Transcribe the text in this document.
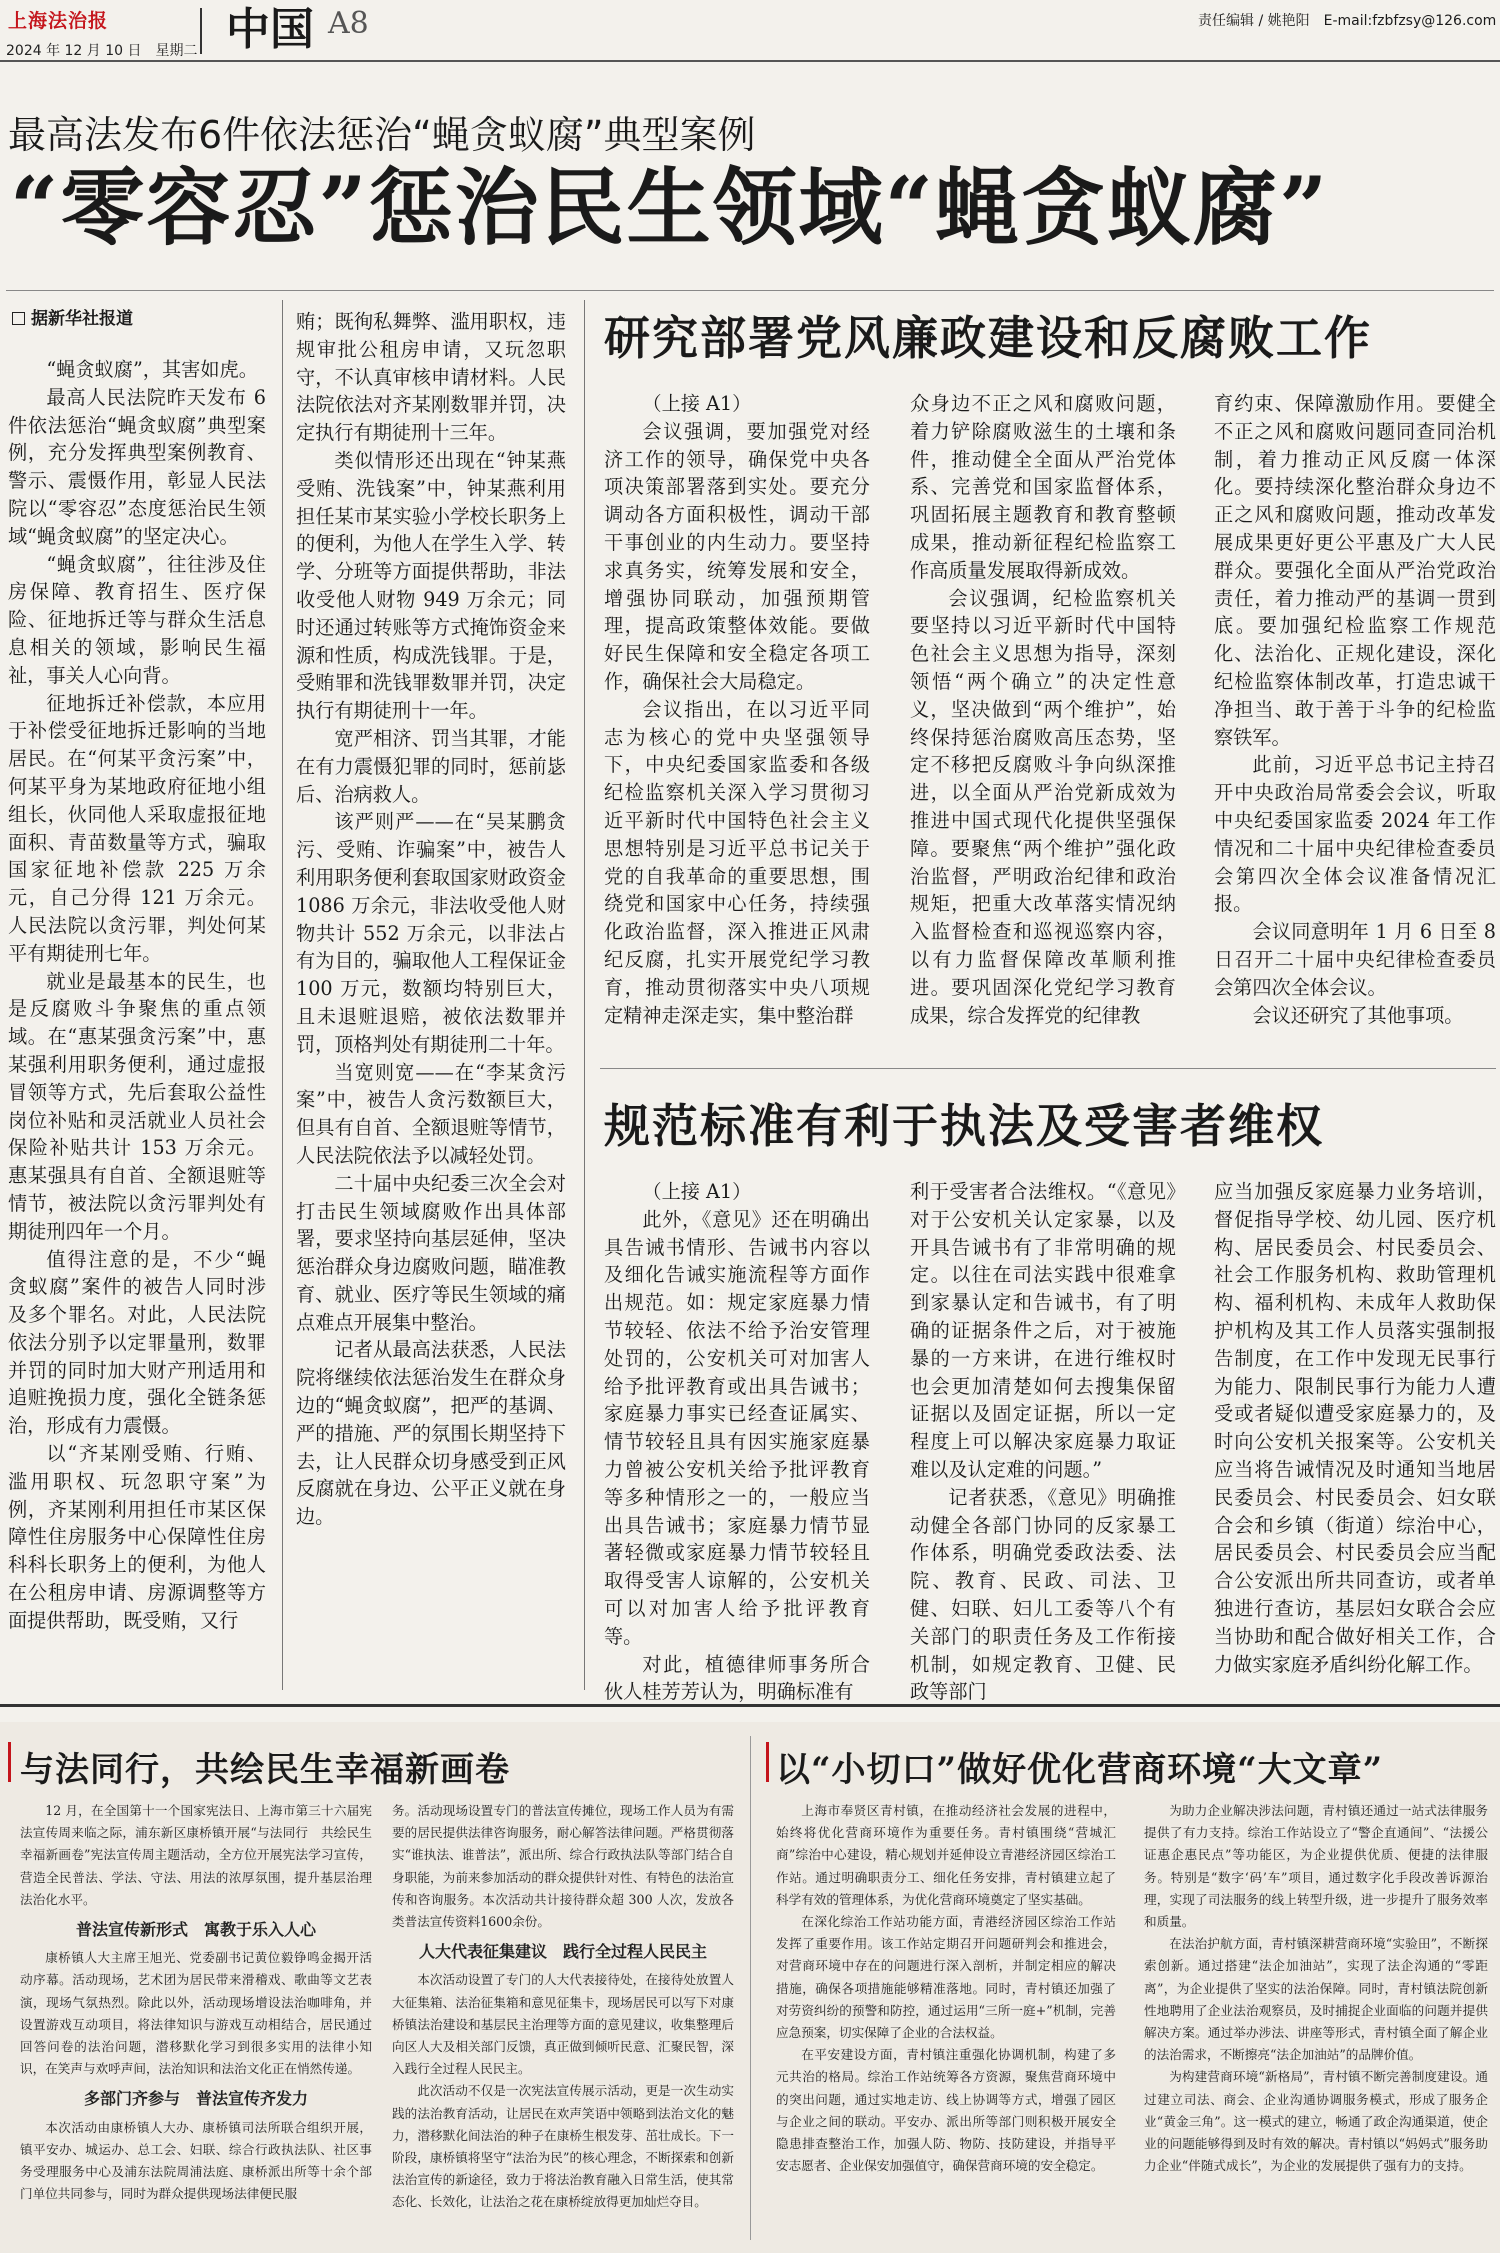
上海法治报
2024 年 12 月 10 日　星期二 中国 A8	责任编辑 / 姚艳阳　E-mail:fzbfzsy@126.com
最高法发布6件依法惩治“蝇贪蚁腐”典型案例
“零容忍”惩治民生领域“蝇贪蚁腐”
据新华社报道

“蝇贪蚁腐”，其害如虎。

最高人民法院昨天发布 6 件依法惩治“蝇贪蚁腐”典型案例，充分发挥典型案例教育、警示、震慑作用，彰显人民法院以“零容忍”态度惩治民生领域“蝇贪蚁腐”的坚定决心。

“蝇贪蚁腐”，往往涉及住房保障、教育招生、医疗保险、征地拆迁等与群众生活息息相关的领域，影响民生福祉，事关人心向背。

征地拆迁补偿款，本应用于补偿受征地拆迁影响的当地居民。在“何某平贪污案”中，何某平身为某地政府征地小组组长，伙同他人采取虚报征地面积、青苗数量等方式，骗取国家征地补偿款 225 万余元，自己分得 121 万余元。人民法院以贪污罪，判处何某平有期徒刑七年。

就业是最基本的民生，也是反腐败斗争聚焦的重点领域。在“惠某强贪污案”中，惠某强利用职务便利，通过虚报冒领等方式，先后套取公益性岗位补贴和灵活就业人员社会保险补贴共计 153 万余元。惠某强具有自首、全额退赃等情节，被法院以贪污罪判处有期徒刑四年一个月。

值得注意的是，不少“蝇贪蚁腐”案件的被告人同时涉及多个罪名。对此，人民法院依法分别予以定罪量刑，数罪并罚的同时加大财产刑适用和追赃挽损力度，强化全链条惩治，形成有力震慑。

以“齐某刚受贿、行贿、滥用职权、玩忽职守案”为例，齐某刚利用担任市某区保障性住房服务中心保障性住房科科长职务上的便利，为他人在公租房申请、房源调整等方面提供帮助，既受贿，又行

贿；既徇私舞弊、滥用职权，违规审批公租房申请，又玩忽职守，不认真审核申请材料。人民法院依法对齐某刚数罪并罚，决定执行有期徒刑十三年。

类似情形还出现在“钟某燕受贿、洗钱案”中，钟某燕利用担任某市某实验小学校长职务上的便利，为他人在学生入学、转学、分班等方面提供帮助，非法收受他人财物 949 万余元；同时还通过转账等方式掩饰资金来源和性质，构成洗钱罪。于是，受贿罪和洗钱罪数罪并罚，决定执行有期徒刑十一年。

宽严相济、罚当其罪，才能在有力震慑犯罪的同时，惩前毖后、治病救人。

该严则严——在“吴某鹏贪污、受贿、诈骗案”中，被告人利用职务便利套取国家财政资金 1086 万余元，非法收受他人财物共计 552 万余元，以非法占有为目的，骗取他人工程保证金 100 万元，数额均特别巨大，且未退赃退赔，被依法数罪并罚，顶格判处有期徒刑二十年。

当宽则宽——在“李某贪污案”中，被告人贪污数额巨大，但具有自首、全额退赃等情节，人民法院依法予以减轻处罚。

二十届中央纪委三次全会对打击民生领域腐败作出具体部署，要求坚持向基层延伸，坚决惩治群众身边腐败问题，瞄准教育、就业、医疗等民生领域的痛点难点开展集中整治。

记者从最高法获悉，人民法院将继续依法惩治发生在群众身边的“蝇贪蚁腐”，把严的基调、严的措施、严的氛围长期坚持下去，让人民群众切身感受到正风反腐就在身边、公平正义就在身边。

研究部署党风廉政建设和反腐败工作

（上接 A1）

会议强调，要加强党对经济工作的领导，确保党中央各项决策部署落到实处。要充分调动各方面积极性，调动干部干事创业的内生动力。要坚持求真务实，统筹发展和安全，增强协同联动，加强预期管理，提高政策整体效能。要做好民生保障和安全稳定各项工作，确保社会大局稳定。

会议指出，在以习近平同志为核心的党中央坚强领导下，中央纪委国家监委和各级纪检监察机关深入学习贯彻习近平新时代中国特色社会主义思想特别是习近平总书记关于党的自我革命的重要思想，围绕党和国家中心任务，持续强化政治监督，深入推进正风肃纪反腐，扎实开展党纪学习教育，推动贯彻落实中央八项规定精神走深走实，集中整治群

众身边不正之风和腐败问题，着力铲除腐败滋生的土壤和条件，推动健全全面从严治党体系、完善党和国家监督体系，巩固拓展主题教育和教育整顿成果，推动新征程纪检监察工作高质量发展取得新成效。

会议强调，纪检监察机关要坚持以习近平新时代中国特色社会主义思想为指导，深刻领悟“两个确立”的决定性意义，坚决做到“两个维护”，始终保持惩治腐败高压态势，坚定不移把反腐败斗争向纵深推进，以全面从严治党新成效为推进中国式现代化提供坚强保障。要聚焦“两个维护”强化政治监督，严明政治纪律和政治规矩，把重大改革落实情况纳入监督检查和巡视巡察内容，以有力监督保障改革顺利推进。要巩固深化党纪学习教育成果，综合发挥党的纪律教

育约束、保障激励作用。要健全不正之风和腐败问题同查同治机制，着力推动正风反腐一体深化。要持续深化整治群众身边不正之风和腐败问题，推动改革发展成果更好更公平惠及广大人民群众。要强化全面从严治党政治责任，着力推动严的基调一贯到底。要加强纪检监察工作规范化、法治化、正规化建设，深化纪检监察体制改革，打造忠诚干净担当、敢于善于斗争的纪检监察铁军。

此前，习近平总书记主持召开中央政治局常委会会议，听取中央纪委国家监委 2024 年工作情况和二十届中央纪律检查委员会第四次全体会议准备情况汇报。

会议同意明年 1 月 6 日至 8 日召开二十届中央纪律检查委员会第四次全体会议。

会议还研究了其他事项。

规范标准有利于执法及受害者维权

（上接 A1）

此外，《意见》还在明确出具告诫书情形、告诫书内容以及细化告诫实施流程等方面作出规范。如：规定家庭暴力情节较轻、依法不给予治安管理处罚的，公安机关可对加害人给予批评教育或出具告诫书；家庭暴力事实已经查证属实、情节较轻且具有因实施家庭暴力曾被公安机关给予批评教育等多种情形之一的，一般应当出具告诫书；家庭暴力情节显著轻微或家庭暴力情节较轻且取得受害人谅解的，公安机关可以对加害人给予批评教育等。

对此，植德律师事务所合伙人桂芳芳认为，明确标准有

利于受害者合法维权。“《意见》对于公安机关认定家暴，以及开具告诫书有了非常明确的规定。以往在司法实践中很难拿到家暴认定和告诫书，有了明确的证据条件之后，对于被施暴的一方来讲，在进行维权时也会更加清楚如何去搜集保留证据以及固定证据，所以一定程度上可以解决家庭暴力取证难以及认定难的问题。”

记者获悉，《意见》明确推动健全各部门协同的反家暴工作体系，明确党委政法委、法院、教育、民政、司法、卫健、妇联、妇儿工委等八个有关部门的职责任务及工作衔接机制，如规定教育、卫健、民政等部门

应当加强反家庭暴力业务培训，督促指导学校、幼儿园、医疗机构、居民委员会、村民委员会、社会工作服务机构、救助管理机构、福利机构、未成年人救助保护机构及其工作人员落实强制报告制度，在工作中发现无民事行为能力、限制民事行为能力人遭受或者疑似遭受家庭暴力的，及时向公安机关报案等。公安机关应当将告诫情况及时通知当地居民委员会、村民委员会、妇女联合会和乡镇（街道）综治中心，居民委员会、村民委员会应当配合公安派出所共同查访，或者单独进行查访，基层妇女联合会应当协助和配合做好相关工作，合力做实家庭矛盾纠纷化解工作。

与法同行，共绘民生幸福新画卷

12 月，在全国第十一个国家宪法日、上海市第三十六届宪法宣传周来临之际，浦东新区康桥镇开展“与法同行　共绘民生幸福新画卷”宪法宣传周主题活动，全方位开展宪法学习宣传，营造全民普法、学法、守法、用法的浓厚氛围，提升基层治理法治化水平。

普法宣传新形式　寓教于乐入人心

康桥镇人大主席王旭光、党委副书记黄位毅铮鸣金揭开活动序幕。活动现场，艺术团为居民带来滑稽戏、歌曲等文艺表演，现场气氛热烈。除此以外，活动现场增设法治咖啡角，并设置游戏互动项目，将法律知识与游戏互动相结合，居民通过回答问卷的法治问题，潜移默化学习到很多实用的法律小知识，在笑声与欢呼声间，法治知识和法治文化正在悄然传递。

多部门齐参与　普法宣传齐发力

本次活动由康桥镇人大办、康桥镇司法所联合组织开展，镇平安办、城运办、总工会、妇联、综合行政执法队、社区事务受理服务中心及浦东法院周浦法庭、康桥派出所等十余个部门单位共同参与，同时为群众提供现场法律便民服

务。活动现场设置专门的普法宣传摊位，现场工作人员为有需要的居民提供法律咨询服务，耐心解答法律问题。严格贯彻落实“谁执法、谁普法”，派出所、综合行政执法队等部门结合自身职能，为前来参加活动的群众提供针对性、有特色的法治宣传和咨询服务。本次活动共计接待群众超 300 人次，发放各类普法宣传资料1600余份。

人大代表征集建议　践行全过程人民民主

本次活动设置了专门的人大代表接待处，在接待处放置人大征集箱、法治征集箱和意见征集卡，现场居民可以写下对康桥镇法治建设和基层民主治理等方面的意见建议，收集整理后向区人大及相关部门反馈，真正做到倾听民意、汇聚民智，深入践行全过程人民民主。

此次活动不仅是一次宪法宣传展示活动，更是一次生动实践的法治教育活动，让居民在欢声笑语中领略到法治文化的魅力，潜移默化间法治的种子在康桥生根发芽、茁壮成长。下一阶段，康桥镇将坚守“法治为民”的核心理念，不断探索和创新法治宣传的新途径，致力于将法治教育融入日常生活，使其常态化、长效化，让法治之花在康桥绽放得更加灿烂夺目。

以“小切口”做好优化营商环境“大文章”

上海市奉贤区青村镇，在推动经济社会发展的进程中，始终将优化营商环境作为重要任务。青村镇围绕“营城汇商”综治中心建设，精心规划并延伸设立青港经济园区综治工作站。通过明确职责分工、细化任务安排，青村镇建立起了科学有效的管理体系，为优化营商环境奠定了坚实基础。

在深化综治工作站功能方面，青港经济园区综治工作站发挥了重要作用。该工作站定期召开问题研判会和推进会，对营商环境中存在的问题进行深入剖析，并制定相应的解决措施，确保各项措施能够精准落地。同时，青村镇还加强了对劳资纠纷的预警和防控，通过运用“三所一庭+”机制，完善应急预案，切实保障了企业的合法权益。

在平安建设方面，青村镇注重强化协调机制，构建了多元共治的格局。综治工作站统筹各方资源，聚焦营商环境中的突出问题，通过实地走访、线上协调等方式，增强了园区与企业之间的联动。平安办、派出所等部门则积极开展安全隐患排查整治工作，加强人防、物防、技防建设，并指导平安志愿者、企业保安加强值守，确保营商环境的安全稳定。

为助力企业解决涉法问题，青村镇还通过一站式法律服务提供了有力支持。综治工作站设立了“警企直通间”、“法援公证惠企惠民点”等功能区，为企业提供优质、便捷的法律服务。特别是“数字‘码’车”项目，通过数字化手段改善诉源治理，实现了司法服务的线上转型升级，进一步提升了服务效率和质量。

在法治护航方面，青村镇深耕营商环境“实验田”，不断探索创新。通过搭建“法企加油站”，实现了法企沟通的“零距离”，为企业提供了坚实的法治保障。同时，青村镇法院创新性地聘用了企业法治观察员，及时捕捉企业面临的问题并提供解决方案。通过举办涉法、讲座等形式，青村镇全面了解企业的法治需求，不断擦亮“法企加油站”的品牌价值。

为构建营商环境“新格局”，青村镇不断完善制度建设。通过建立司法、商会、企业沟通协调服务模式，形成了服务企业“黄金三角”。这一模式的建立，畅通了政企沟通渠道，使企业的问题能够得到及时有效的解决。青村镇以“妈妈式”服务助力企业“伴随式成长”，为企业的发展提供了强有力的支持。
